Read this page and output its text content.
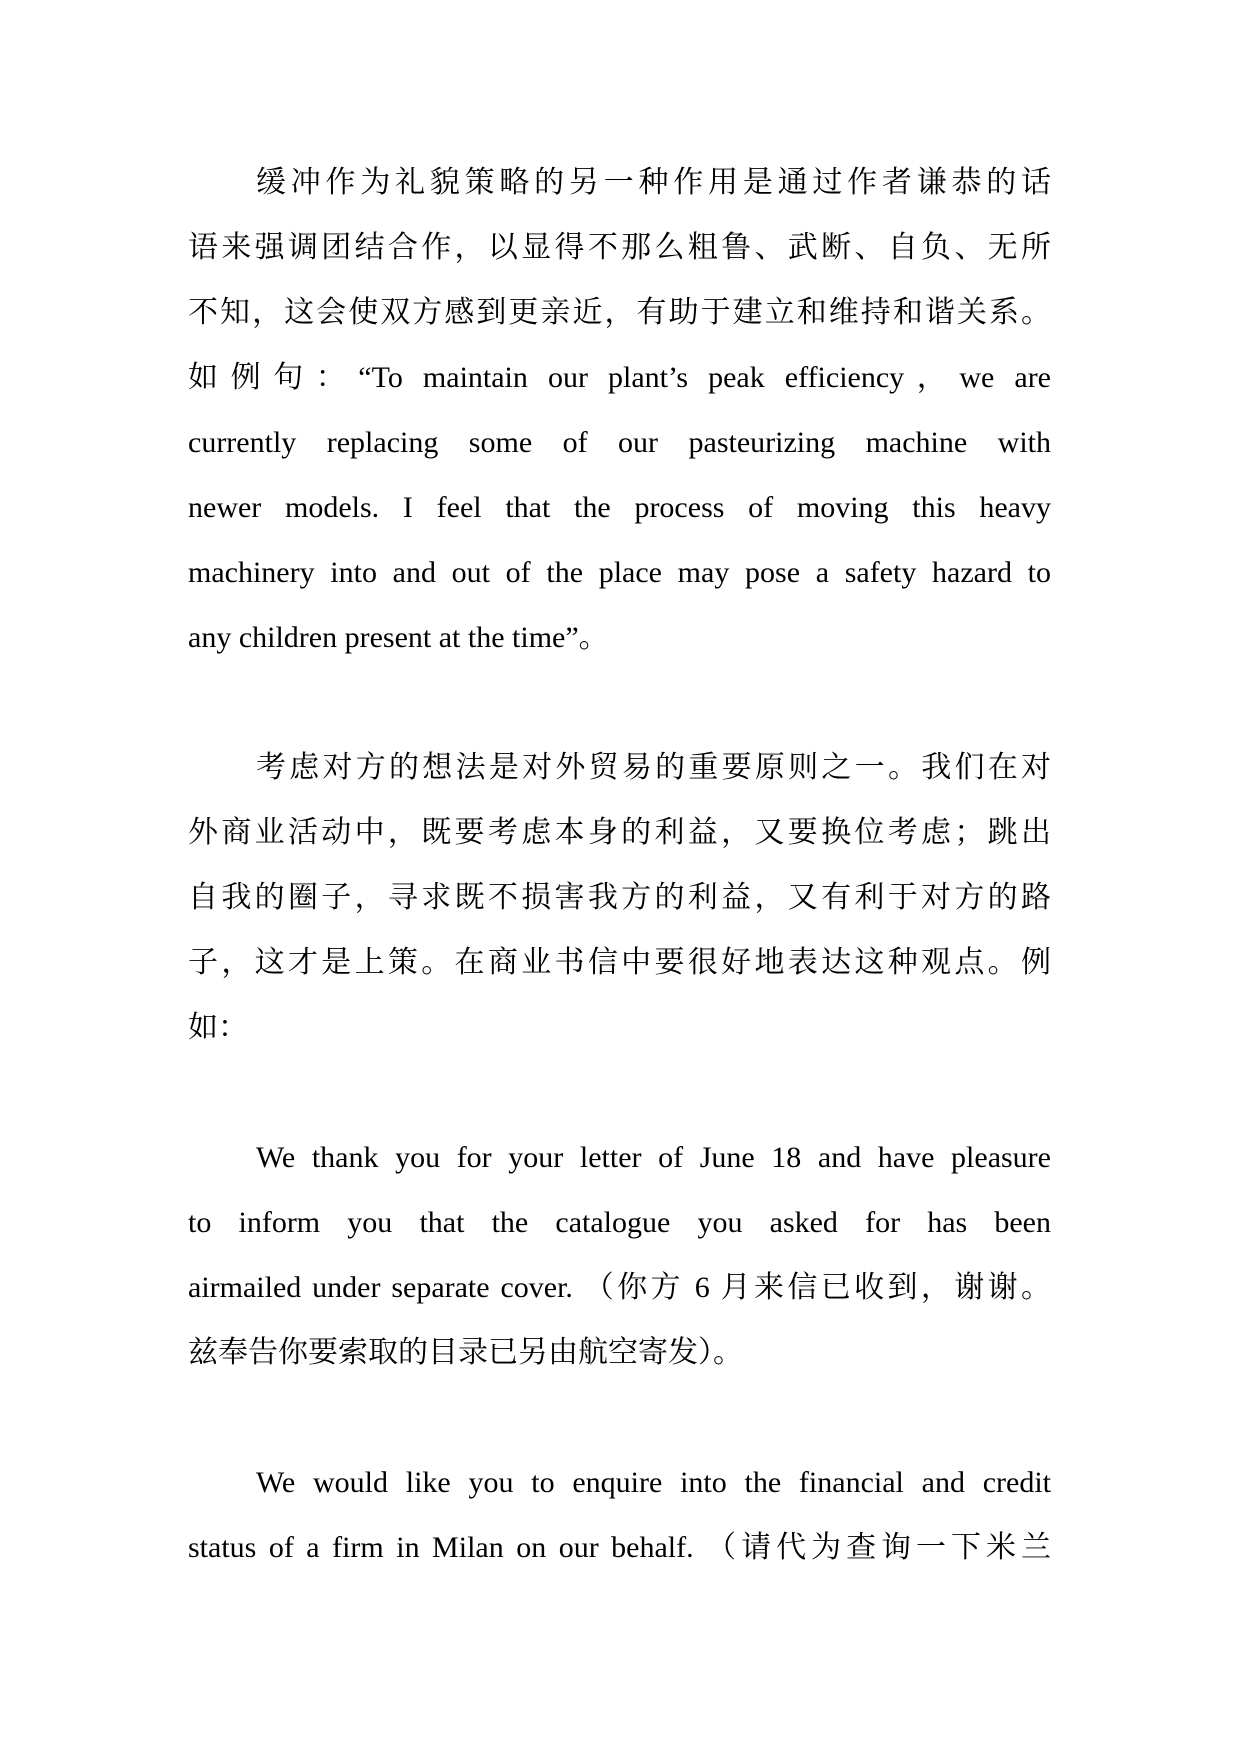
缓冲作为礼貌策略的另一种作用是通过作者谦恭的话
语来强调团结合作，以显得不那么粗鲁、武断、自负、无所
不知，这会使双方感到更亲近，有助于建立和维持和谐关系。
如例句：“To maintain our plant’s peak efficiency，we are
currently replacing some of our pasteurizing machine with
newer models. I feel that the process of moving this heavy
machinery into and out of the place may pose a safety hazard to
any children present at the time”。
考虑对方的想法是对外贸易的重要原则之一。我们在对
外商业活动中，既要考虑本身的利益，又要换位考虑；跳出
自我的圈子，寻求既不损害我方的利益，又有利于对方的路
子，这才是上策。在商业书信中要很好地表达这种观点。例
如：
We thank you for your letter of June 18 and have pleasure
to inform you that the catalogue you asked for has been
airmailed under separate cover. （你方 6 月来信已收到，谢谢。
兹奉告你要索取的目录已另由航空寄发）。
We would like you to enquire into the financial and credit
status of a firm in Milan on our behalf. （请代为查询一下米兰
